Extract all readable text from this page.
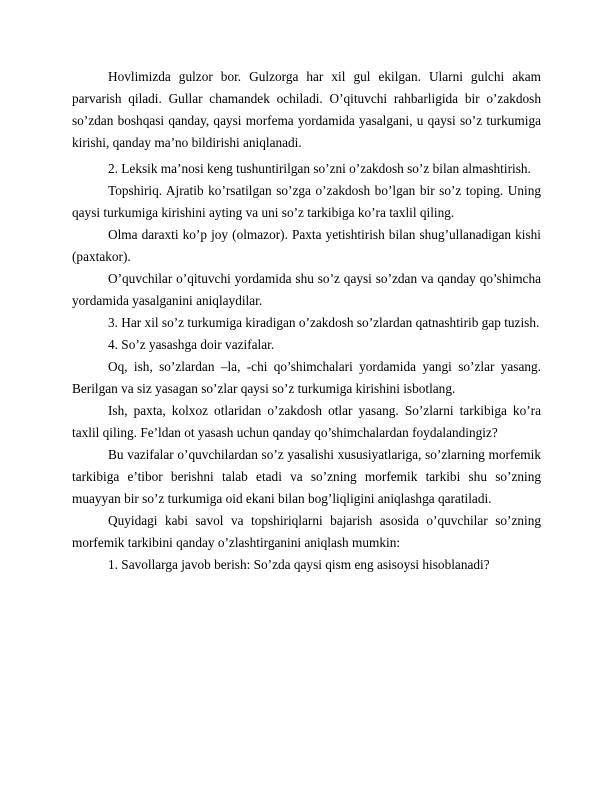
Hovlimizda gulzor bor. Gulzorga har xil gul ekilgan. Ularni gulchi akam parvarish qiladi. Gullar chamandek ochiladi. O’qituvchi rahbarligida bir o’zakdosh so’zdan boshqasi qanday, qaysi morfema yordamida yasalgani, u qaysi so’z turkumiga kirishi, qanday ma’no bildirishi aniqlanadi.

2. Leksik ma’nosi keng tushuntirilgan so’zni o’zakdosh so’z bilan almashtirish.

Topshiriq. Ajratib ko’rsatilgan so’zga o’zakdosh bo’lgan bir so’z toping. Uning qaysi turkumiga kirishini ayting va uni so’z tarkibiga ko’ra taxlil qiling.

Olma daraxti ko’p joy (olmazor). Paxta yetishtirish bilan shug’ullanadigan kishi (paxtakor).

O’quvchilar o’qituvchi yordamida shu so’z qaysi so’zdan va qanday qo’shimcha yordamida yasalganini aniqlaydilar.

3. Har xil so’z turkumiga kiradigan o’zakdosh so’zlardan qatnashtirib gap tuzish.

4. So’z yasashga doir vazifalar.

Oq, ish, so’zlardan –la, -chi qo’shimchalari yordamida yangi so’zlar yasang. Berilgan va siz yasagan so’zlar qaysi so’z turkumiga kirishini isbotlang.

Ish, paxta, kolxoz otlaridan o’zakdosh otlar yasang. So’zlarni tarkibiga ko’ra taxlil qiling. Fe’ldan ot yasash uchun qanday qo’shimchalardan foydalandingiz?

Bu vazifalar o’quvchilardan so’z yasalishi xususiyatlariga, so’zlarning morfemik tarkibiga e’tibor berishni talab etadi va so’zning morfemik tarkibi shu so’zning muayyan bir so’z turkumiga oid ekani bilan bog’liqligini aniqlashga qaratiladi.

Quyidagi kabi savol va topshiriqlarni bajarish asosida o’quvchilar so’zning morfemik tarkibini qanday o’zlashtirganini aniqlash mumkin:

1. Savollarga javob berish: So’zda qaysi qism eng asisoysi hisoblanadi?
